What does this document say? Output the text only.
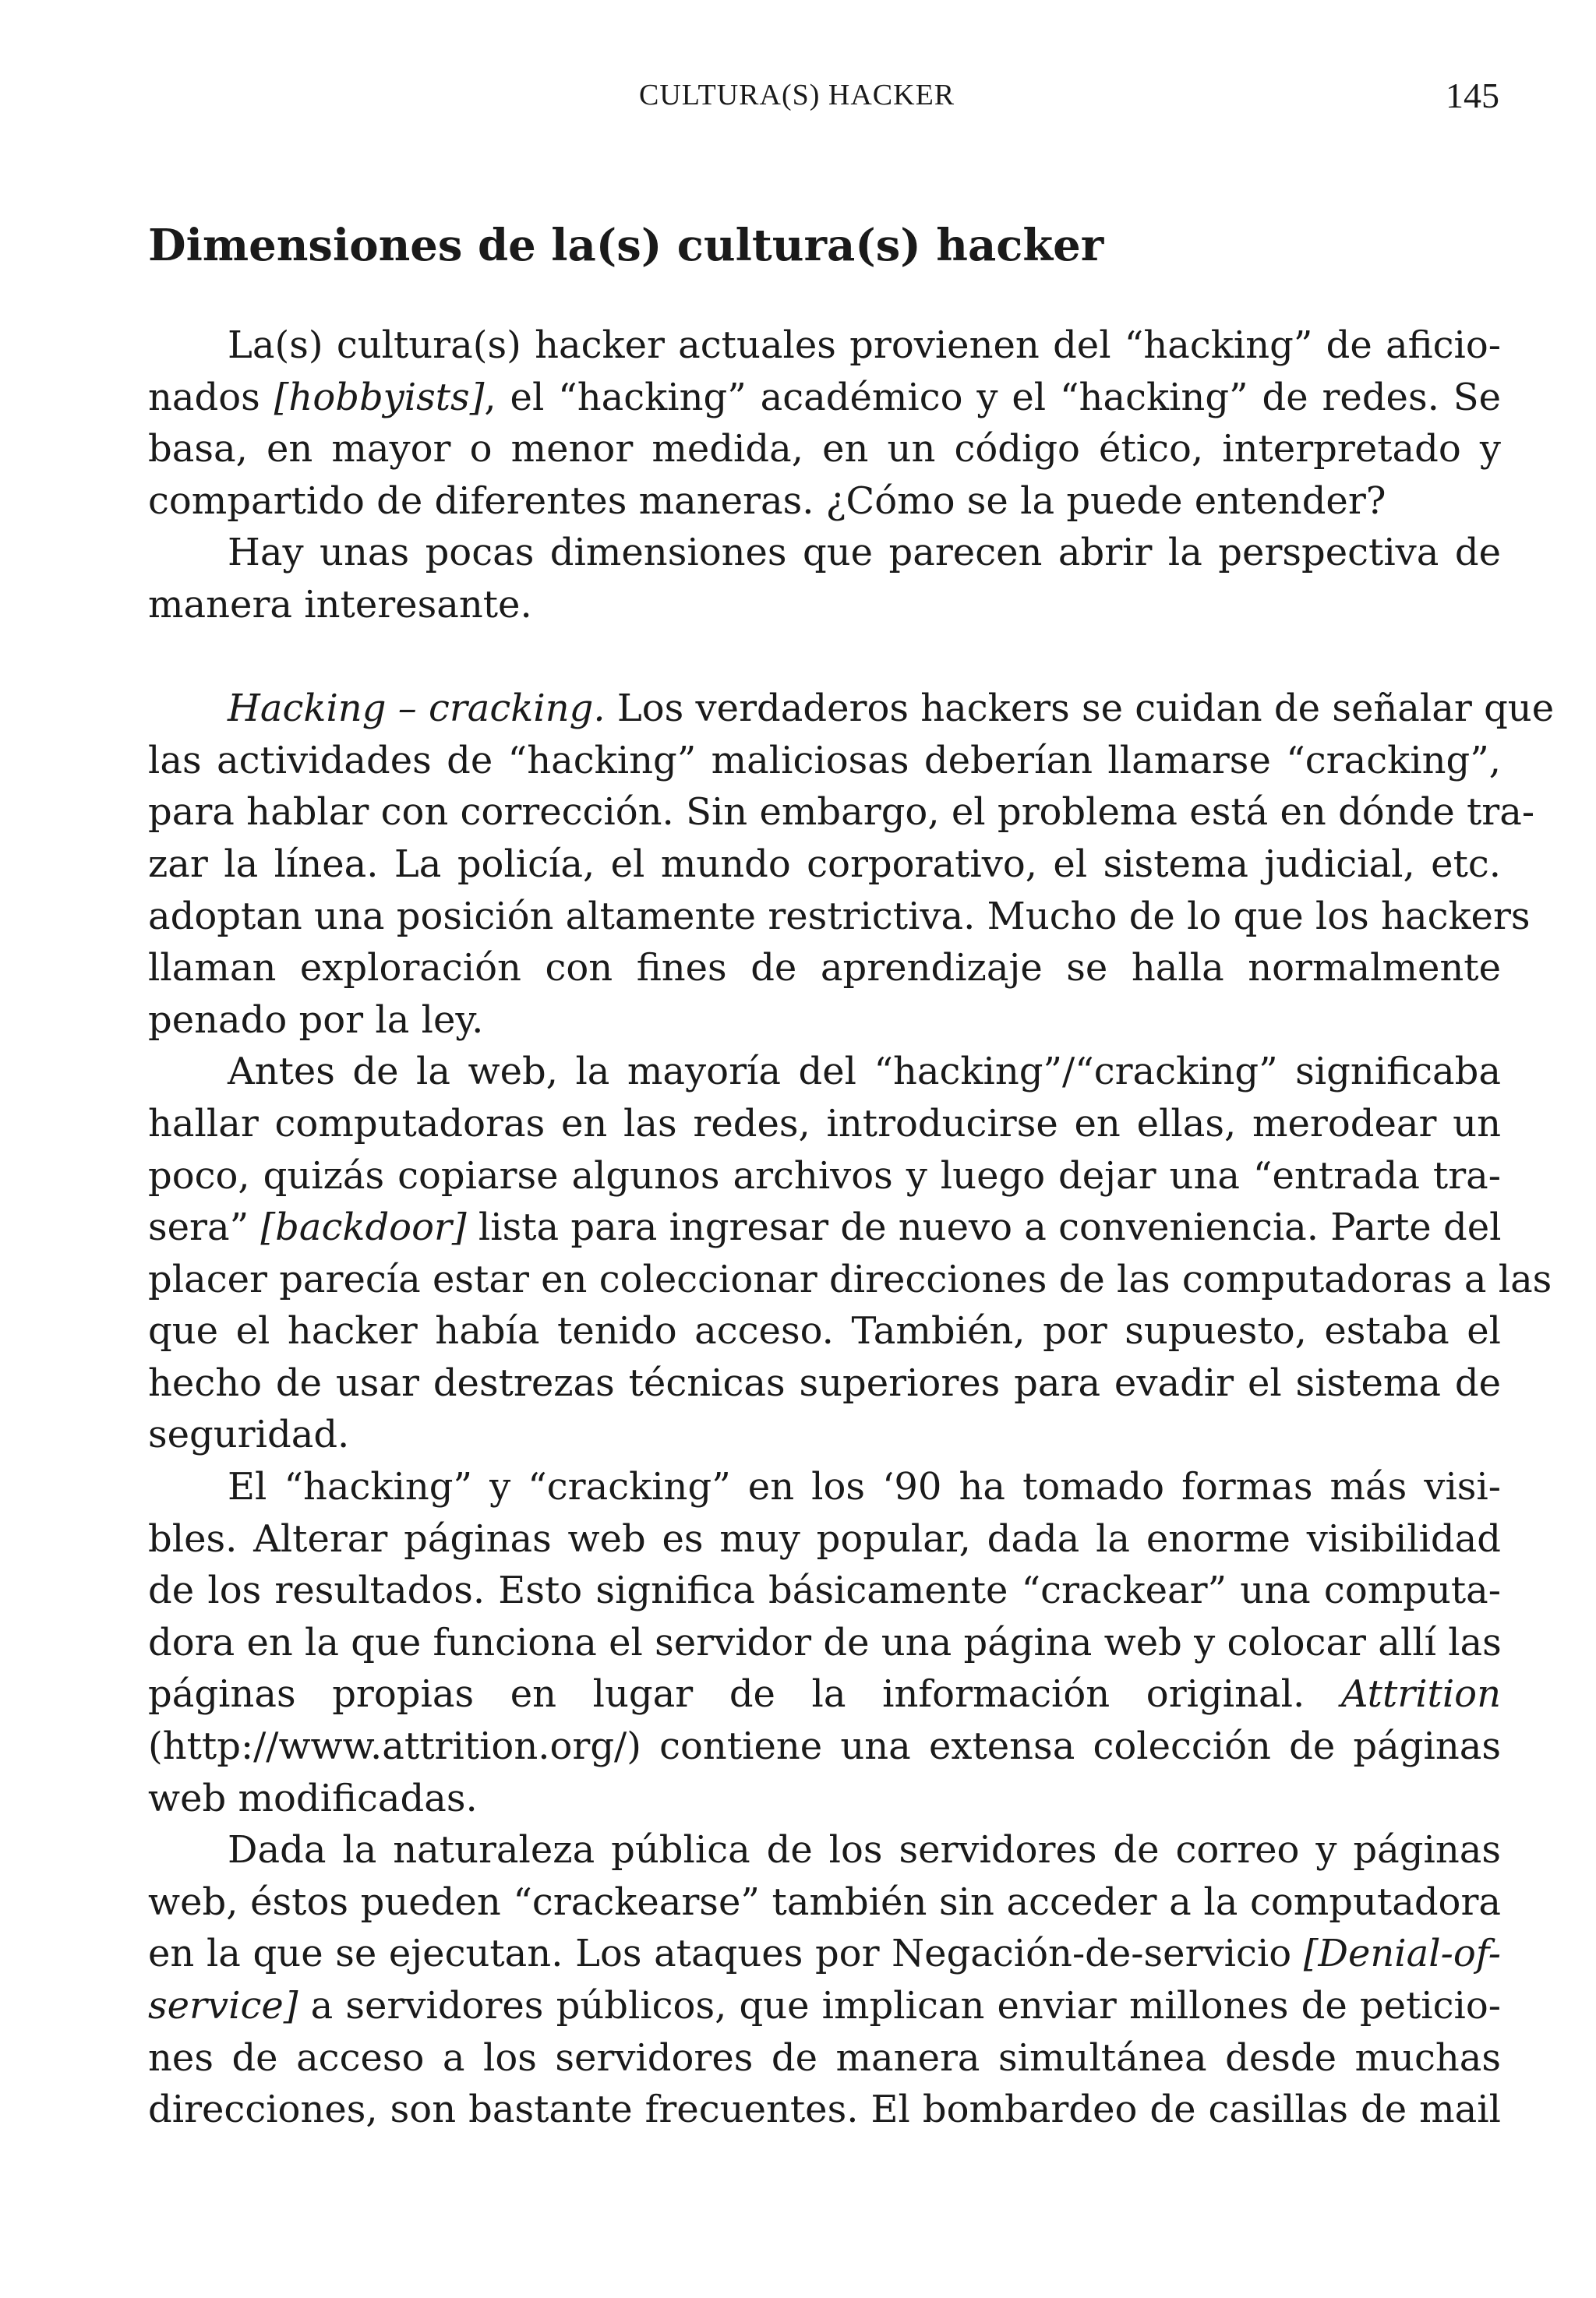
CULTURA(S) HACKER	145
Dimensiones de la(s) cultura(s) hacker
La(s) cultura(s) hacker actuales provienen del “hacking” de aficio-
nados [hobbyists], el “hacking” académico y el “hacking” de redes. Se
basa, en mayor o menor medida, en un código ético, interpretado y
compartido de diferentes maneras. ¿Cómo se la puede entender?
Hay unas pocas dimensiones que parecen abrir la perspectiva de
manera interesante.
Hacking – cracking. Los verdaderos hackers se cuidan de señalar que
las actividades de “hacking” maliciosas deberían llamarse “cracking”,
para hablar con corrección. Sin embargo, el problema está en dónde tra-
zar la línea. La policía, el mundo corporativo, el sistema judicial, etc.
adoptan una posición altamente restrictiva. Mucho de lo que los hackers
llaman exploración con fines de aprendizaje se halla normalmente
penado por la ley.
Antes de la web, la mayoría del “hacking”/“cracking” significaba
hallar computadoras en las redes, introducirse en ellas, merodear un
poco, quizás copiarse algunos archivos y luego dejar una “entrada tra-
sera” [backdoor] lista para ingresar de nuevo a conveniencia. Parte del
placer parecía estar en coleccionar direcciones de las computadoras a las
que el hacker había tenido acceso. También, por supuesto, estaba el
hecho de usar destrezas técnicas superiores para evadir el sistema de
seguridad.
El “hacking” y “cracking” en los ‘90 ha tomado formas más visi-
bles. Alterar páginas web es muy popular, dada la enorme visibilidad
de los resultados. Esto significa básicamente “crackear” una computa-
dora en la que funciona el servidor de una página web y colocar allí las
páginas propias en lugar de la información original. Attrition
(http://www.attrition.org/) contiene una extensa colección de páginas
web modificadas.
Dada la naturaleza pública de los servidores de correo y páginas
web, éstos pueden “crackearse” también sin acceder a la computadora
en la que se ejecutan. Los ataques por Negación-de-servicio [Denial-of-
service] a servidores públicos, que implican enviar millones de peticio-
nes de acceso a los servidores de manera simultánea desde muchas
direcciones, son bastante frecuentes. El bombardeo de casillas de mail
